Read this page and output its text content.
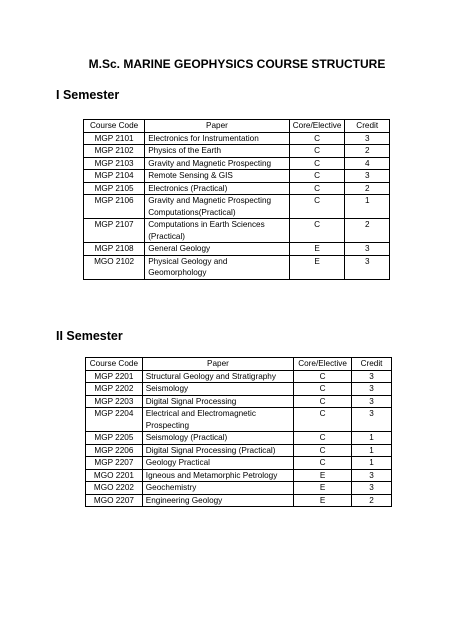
M.Sc. MARINE GEOPHYSICS COURSE STRUCTURE
I Semester
Course Code	Paper	Core/Elective	Credit
MGP 2101	Electronics for Instrumentation	C	3
MGP 2102	Physics of the Earth	C	2
MGP 2103	Gravity and Magnetic Prospecting	C	4
MGP 2104	Remote Sensing & GIS	C	3
MGP 2105	Electronics (Practical)	C	2
MGP 2106	Gravity and Magnetic Prospecting Computations(Practical)	C	1
MGP 2107	Computations in Earth Sciences (Practical)	C	2
MGP 2108	General Geology	E	3
MGO 2102	Physical Geology and Geomorphology	E	3
II Semester
Course Code	Paper	Core/Elective	Credit
MGP 2201	Structural Geology and Stratigraphy	C	3
MGP 2202	Seismology	C	3
MGP 2203	Digital Signal Processing	C	3
MGP 2204	Electrical and Electromagnetic Prospecting	C	3
MGP 2205	Seismology (Practical)	C	1
MGP 2206	Digital Signal Processing (Practical)	C	1
MGP 2207	Geology Practical	C	1
MGO 2201	Igneous and Metamorphic Petrology	E	3
MGO 2202	Geochemistry	E	3
MGO 2207	Engineering Geology	E	2
